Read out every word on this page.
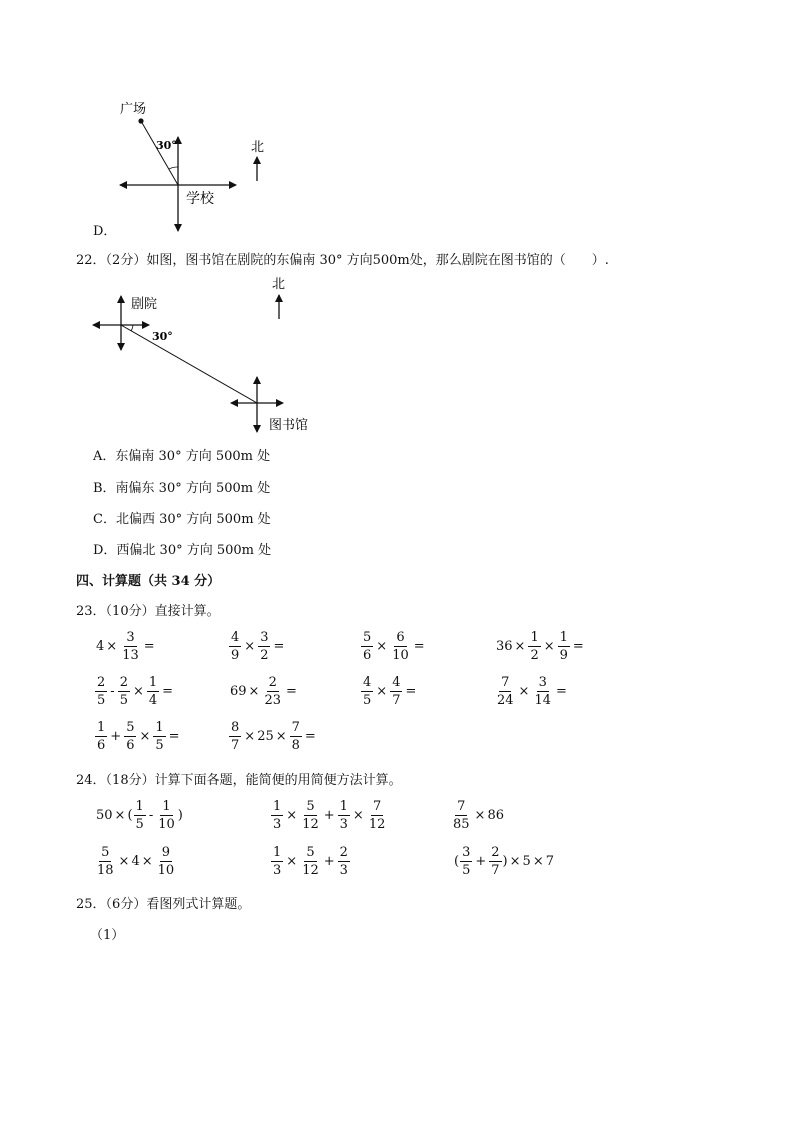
广场
30°
学校
北
D．
22．（2分）如图，图书馆在剧院的东偏南 30° 方向500m处，那么剧院在图书馆的（　　）.
剧院
30°
图书馆
北
A．东偏南 30° 方向 500m 处
B．南偏东 30° 方向 500m 处
C．北偏西 30° 方向 500m 处
D．西偏北 30° 方向 500m 处
四、计算题（共 34 分）
23．（10分）直接计算。
$4 \times \frac{3}{13}$ =	$\frac{4}{9} \times \frac{3}{2}$ =	$\frac{5}{6} \times \frac{6}{10}$ =	$36 \times \frac{1}{2} \times \frac{1}{9}$ =
$\frac{2}{5} - \frac{2}{5} \times \frac{1}{4}$ =	$69 \times \frac{2}{23}$ =	$\frac{4}{5} \times \frac{4}{7}$ =	$\frac{7}{24} \times \frac{3}{14}$ =
$\frac{1}{6} + \frac{5}{6} \times \frac{1}{5}$ =	$\frac{8}{7} \times 25 \times \frac{7}{8}$ =
24．（18分）计算下面各题，能简便的用简便方法计算。
50 × ( $\frac{1}{5} - \frac{1}{10}$ )	$\frac{1}{3} \times \frac{5}{12} + \frac{1}{3} \times \frac{7}{12}$	$\frac{7}{85} \times 86$
$\frac{5}{18} \times 4 \times \frac{9}{10}$	$\frac{1}{3} \times \frac{5}{12} + \frac{2}{3}$	( $\frac{3}{5} + \frac{2}{7}$ ) × 5 × 7
25．（6分）看图列式计算题。
（1）
